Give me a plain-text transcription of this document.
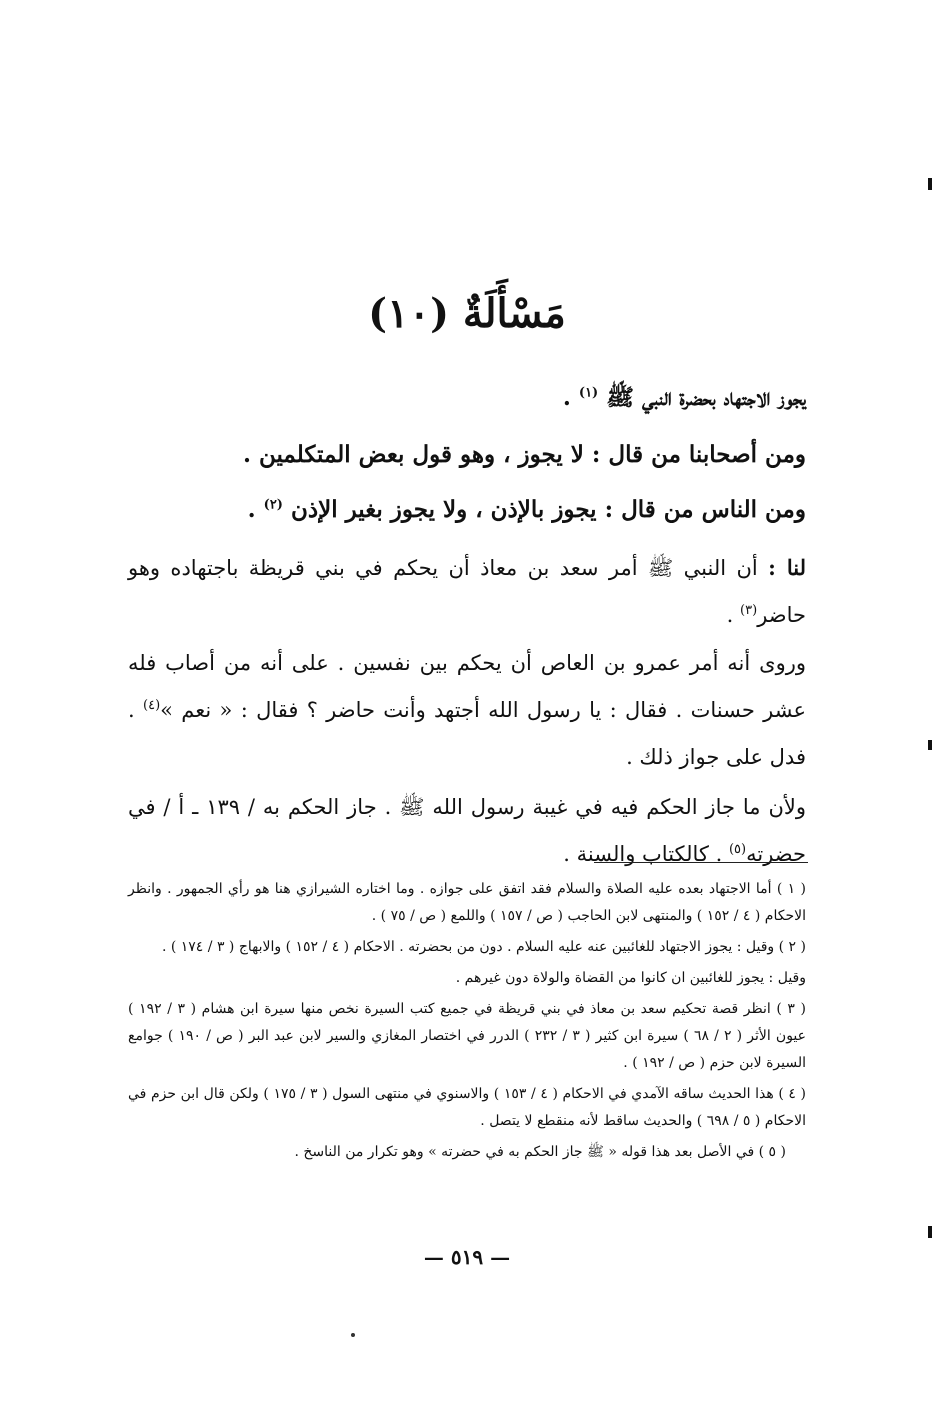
مَسْأَلَةٌ (١٠)
يجوز الاجتهاد بحضرة النبي ﷺ $^{(١)}$ .
ومن أصحابنا من قال : لا يجوز ، وهو قول بعض المتكلمين .
ومن الناس من قال : يجوز بالإذن ، ولا يجوز بغير الإذن $^{(٢)}$ .
لنا : أن النبي ﷺ أمر سعد بن معاذ أن يحكم في بني قريظة باجتهاده وهو حاضر$^{(٣)}$ .
وروى أنه أمر عمرو بن العاص أن يحكم بين نفسين . على أنه من أصاب فله عشر حسنات . فقال : يا رسول الله أجتهد وأنت حاضر ؟ فقال : « نعم »$^{(٤)}$ . فدل على جواز ذلك .
ولأن ما جاز الحكم فيه في غيبة رسول الله ﷺ . جاز الحكم به / ١٣٩ ـ أ / في حضرته$^{(٥)}$ . كالكتاب والسنة .
( ١ ) أما الاجتهاد بعده عليه الصلاة والسلام فقد اتفق على جوازه . وما اختاره الشيرازي هنا هو رأي الجمهور . وانظر الاحكام ( ٤ / ١٥٢ ) والمنتهى لابن الحاجب ( ص / ١٥٧ ) واللمع ( ص / ٧٥ ) .
( ٢ ) وقيل : يجوز الاجتهاد للغائبين عنه عليه السلام . دون من بحضرته . الاحكام ( ٤ / ١٥٢ ) والابهاج ( ٣ / ١٧٤ ) .
وقيل : يجوز للغائبين ان كانوا من القضاة والولاة دون غيرهم .
( ٣ ) انظر قصة تحكيم سعد بن معاذ في بني قريظة في جميع كتب السيرة نخص منها سيرة ابن هشام ( ٣ / ١٩٢ ) عيون الأثر ( ٢ / ٦٨ ) سيرة ابن كثير ( ٣ / ٢٣٢ ) الدرر في اختصار المغازي والسير لابن عبد البر ( ص / ١٩٠ ) جوامع السيرة لابن حزم ( ص / ١٩٢ ) .
( ٤ ) هذا الحديث ساقه الآمدي في الاحكام ( ٤ / ١٥٣ ) والاسنوي في منتهى السول ( ٣ / ١٧٥ ) ولكن قال ابن حزم في الاحكام ( ٥ / ٦٩٨ ) والحديث ساقط لأنه منقطع لا يتصل .
( ٥ ) في الأصل بعد هذا قوله « ﷺ جاز الحكم به في حضرته » وهو تكرار من الناسخ .
— ٥١٩ —
